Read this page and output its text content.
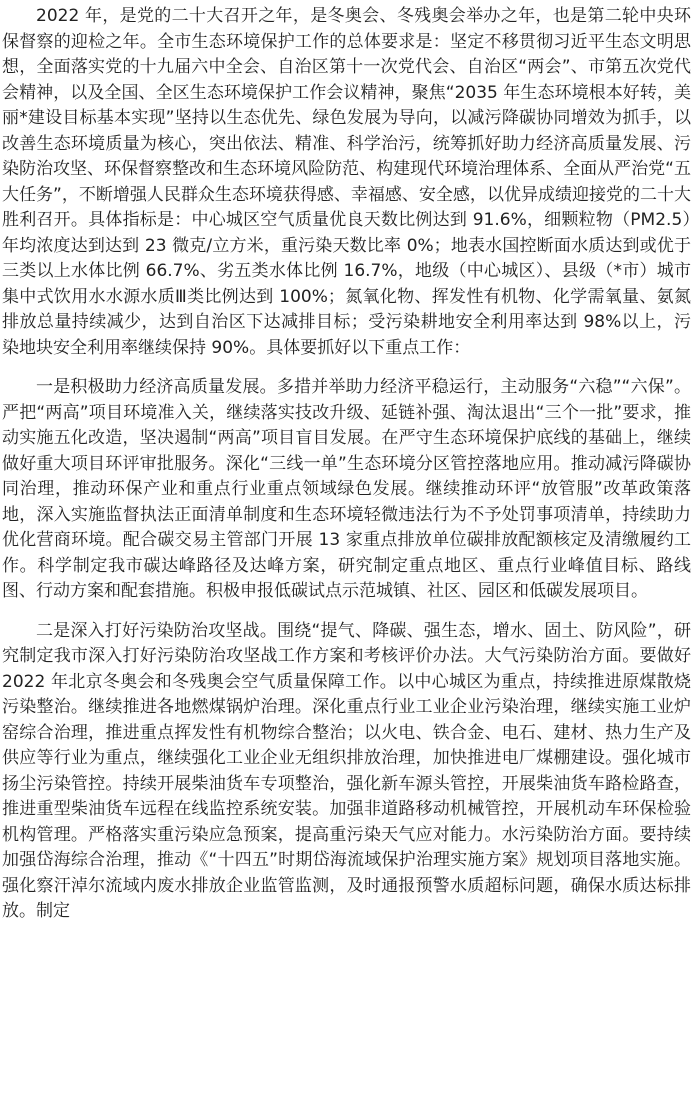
2022 年，是党的二十大召开之年，是冬奥会、冬残奥会举办之年，也是第二轮中央环保督察的迎检之年。全市生态环境保护工作的总体要求是：坚定不移贯彻习近平生态文明思想，全面落实党的十九届六中全会、自治区第十一次党代会、自治区“两会”、市第五次党代会精神，以及全国、全区生态环境保护工作会议精神，聚焦“2035 年生态环境根本好转，美丽*建设目标基本实现”坚持以生态优先、绿色发展为导向，以减污降碳协同增效为抓手，以改善生态环境质量为核心，突出依法、精准、科学治污，统筹抓好助力经济高质量发展、污染防治攻坚、环保督察整改和生态环境风险防范、构建现代环境治理体系、全面从严治党“五大任务”，不断增强人民群众生态环境获得感、幸福感、安全感，以优异成绩迎接党的二十大胜利召开。具体指标是：中心城区空气质量优良天数比例达到 91.6%，细颗粒物（PM2.5）年均浓度达到达到 23 微克/立方米，重污染天数比率 0%；地表水国控断面水质达到或优于三类以上水体比例 66.7%、劣五类水体比例 16.7%，地级（中心城区）、县级（*市）城市集中式饮用水水源水质Ⅲ类比例达到 100%；氮氧化物、挥发性有机物、化学需氧量、氨氮排放总量持续减少，达到自治区下达减排目标；受污染耕地安全利用率达到 98%以上，污染地块安全利用率继续保持 90%。具体要抓好以下重点工作：

一是积极助力经济高质量发展。多措并举助力经济平稳运行，主动服务“六稳”“六保”。严把“两高”项目环境准入关，继续落实技改升级、延链补强、淘汰退出“三个一批”要求，推动实施五化改造，坚决遏制“两高”项目盲目发展。在严守生态环境保护底线的基础上，继续做好重大项目环评审批服务。深化“三线一单”生态环境分区管控落地应用。推动减污降碳协同治理，推动环保产业和重点行业重点领域绿色发展。继续推动环评“放管服”改革政策落地，深入实施监督执法正面清单制度和生态环境轻微违法行为不予处罚事项清单，持续助力优化营商环境。配合碳交易主管部门开展 13 家重点排放单位碳排放配额核定及清缴履约工作。科学制定我市碳达峰路径及达峰方案，研究制定重点地区、重点行业峰值目标、路线图、行动方案和配套措施。积极申报低碳试点示范城镇、社区、园区和低碳发展项目。

二是深入打好污染防治攻坚战。围绕“提气、降碳、强生态，增水、固土、防风险”，研究制定我市深入打好污染防治攻坚战工作方案和考核评价办法。大气污染防治方面。要做好 2022 年北京冬奥会和冬残奥会空气质量保障工作。以中心城区为重点，持续推进原煤散烧污染整治。继续推进各地燃煤锅炉治理。深化重点行业工业企业污染治理，继续实施工业炉窑综合治理，推进重点挥发性有机物综合整治；以火电、铁合金、电石、建材、热力生产及供应等行业为重点，继续强化工业企业无组织排放治理，加快推进电厂煤棚建设。强化城市扬尘污染管控。持续开展柴油货车专项整治，强化新车源头管控，开展柴油货车路检路查，推进重型柴油货车远程在线监控系统安装。加强非道路移动机械管控，开展机动车环保检验机构管理。严格落实重污染应急预案，提高重污染天气应对能力。水污染防治方面。要持续加强岱海综合治理，推动《“十四五”时期岱海流域保护治理实施方案》规划项目落地实施。强化察汗淖尔流域内废水排放企业监管监测，及时通报预警水质超标问题，确保水质达标排放。制定
